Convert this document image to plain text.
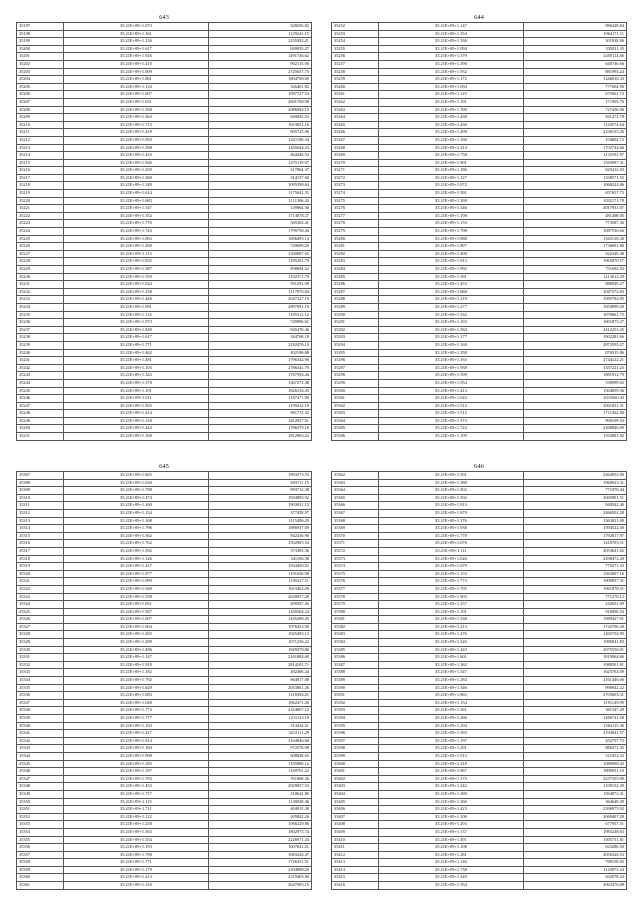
643
35197	35.21E+09+1.073	528256.82
35198	35.21E+09+1.361	1129241.15
35199	35.21E+09+1.136	2235392.21
35200	35.21E+09+1.617	849935.27
35201	35.21E+09+1.926	1491746.62
35202	35.21E+09+1.410	902135.90
35203	35.21E+09+1.009	2725637.75
35204	35.21E+09+1.861	1804768.60
35205	35.21E+09+1.124	326401.82
35206	35.21E+09+1.007	1097727.54
35207	35.21E+09+1.631	2601768.08
35208	35.21E+09+1.358	2086994.15
35209	35.21E+09+1.363	849845.53
35210	35.21E+09+1.713	1653051.16
35211	35.21E+09+1.418	805725.96
35212	35.21E+09+1.050	1421196.34
35213	35.21E+09+1.398	1455644.23
35214	35.21E+09+1.433	464448.54
35215	35.21E+09+1.926	1475119.07
35216	35.21E+09+1.259	317864.37
35217	35.21E+09+1.360	314157.60
35218	35.21E+09+1.349	1095398.64
35219	35.21E+09+1.614	1175041.55
35220	35.21E+09+1.683	1111306.43
35221	35.21E+09+1.547	149964.30
35222	35.21E+09+1.352	1714078.27
35223	35.21E+09+1.770	565363.41
35224	35.21E+09+1.743	1799758.44
35225	35.21E+09+1.063	1696495.14
35226	35.21E+09+1.290	749699.29
35227	35.21E+09+1.113	1350087.65
35228	35.21E+09+1.835	1185291.79
35229	35.21E+09+1.387	858694.22
35230	35.21E+09+1.559	1192371.79
35231	35.21E+09+1.024	591291.08
35232	35.21E+09+1.158	1117976.84
35233	35.21E+09+1.446	2047327.19
35234	35.21E+09+1.091	2897091.19
35235	35.21E+09+1.132	1185312.12
35236	35.21E+09+1.973	749096.61
35237	35.21E+09+1.849	945476.46
35238	35.21E+09+1.617	344768.18
35239	35.21E+09+1.771	2182476.10
35240	35.21E+09+1.462	492196.88
35241	35.21E+09+1.481	1796342.96
35242	35.21E+09+1.103	2786341.79
35243	35.21E+09+1.343	1767594.44
35244	35.21E+09+1.378	1367271.48
35245	35.21E+09+1.101	1826316.43
35246	35.21E+09+1.911	1187471.89
35247	35.21E+09+1.505	1199412.19
35248	35.21E+09+1.414	961772.32
35249	35.21E+09+1.318	1412927.51
35250	35.21E+09+1.443	1786379.18
35251	35.21E+09+1.168	1812963.22
644
35252	35.21E+09+1.147	986428.84
35253	35.21E+09+1.354	1964171.11
35254	35.21E+09+1.336	301838.86
35255	35.21E+09+1.094	335011.35
35256	35.21E+09+1.379	2450114.66
35257	35.21E+09+1.390	640746.66
35258	35.21E+09+1.932	881993.24
35259	35.21E+09+1.172	1246016.33
35260	35.21E+09+1.094	777604.96
35261	35.21E+09+1.125	675061.73
35262	35.21E+09+1.191	171903.76
35263	35.21E+09+1.769	727456.06
35264	35.21E+09+1.458	831472.78
35265	35.21E+09+1.456	1143574.64
35266	35.21E+09+1.498	2236135.26
35267	35.21E+09+1.160	104602.72
35268	35.21E+09+1.314	1702744.66
35269	35.21E+09+1.758	1133191.97
35270	35.21E+09+1.901	1543997.31
35271	35.21E+09+1.186	625412.03
35272	35.21E+09+1.127	1338571.55
35273	35.21E+09+1.072	1068224.86
35274	35.21E+09+1.391	657657.75
35275	35.21E+09+1.269	1032171.78
35276	35.21E+09+1.346	4017931.07
35277	35.21E+09+1.198	481408.05
35278	35.21E+09+1.153	773587.36
35279	35.21E+09+1.798	1087536.66
35280	35.21E+09+1.888	1545138.30
35281	35.21E+09+1.897	1736691.80
35282	35.21E+09+1.498	622349.48
35283	35.21E+09+1.913	1965870.57
35284	35.21E+09+1.992	751692.92
35285	35.21E+09+1.391	1213612.29
35286	35.21E+09+1.453	888849.27
35287	35.21E+09+1.668	1047572.83
35288	35.21E+09+1.219	1085784.95
35289	35.21E+09+1.277	1054999.20
35290	35.21E+09+1.332	1878661.75
35291	35.21E+09+1.163	1001875.27
35292	35.21E+09+1.584	2412253.25
35293	35.21E+09+1.177	1902281.66
35294	35.21E+09+1.169	2972595.27
35295	35.21E+09+1.358	876515.86
35296	35.21E+09+1.163	2744122.21
35297	35.21E+09+1.938	1357221.23
35298	35.21E+09+1.599	1881912.79
35299	35.21E+09+1.554	539999.65
35300	35.21E+09+1.413	1504859.36
35301	35.21E+09+1.022	1033560.43
35302	35.21E+09+1.512	2961831.31
35303	35.21E+09+1.512	1711362.80
35304	35.21E+09+1.373	990109.53
35305	35.21E+09+1.724	2268846.09
35306	35.21E+09+1.109	1554081.92
645
35307	35.21E+09+1.665	1893573.53
35308	35.21E+09+1.630	603711.15
35309	35.21E+09+1.798	893712.38
35310	35.21E+09+1.474	1934895.92
35311	35.21E+09+1.160	1903031.15
35312	35.21E+09+1.154	377458.97
35313	35.21E+09+1.168	1115496.29
35314	35.21E+09+1.796	1886937.09
35315	35.21E+09+1.362	942416.96
35316	35.21E+09+1.762	3502905.54
35317	35.21E+09+1.392	573383.36
35318	35.21E+09+1.126	341106.38
35319	35.21E+09+1.437	1934458.52
35320	35.21E+09+1.877	1191636.08
35321	35.21E+09+1.099	1105327.11
35322	35.21E+09+1.948	1653462.09
35323	35.21E+09+1.558	2639057.28
35324	35.21E+09+1.851	499587.45
35325	35.21E+09+1.567	1456564.24
35326	35.21E+09+1.007	1435498.45
35327	35.21E+09+1.904	1976452.90
35328	35.21E+09+1.265	1025493.13
35329	35.21E+09+1.299	1671236.22
35330	35.21E+09+1.496	1945079.80
35331	35.21E+09+1.147	2161884.60
35332	35.21E+09+1.910	2814101.71
35333	35.21E+09+1.182	492366.24
35334	35.21E+09+1.792	664917.08
35335	35.21E+09+1.629	2033861.26
35336	35.21E+09+1.083	1118394.21
35337	35.21E+09+1.048	1062471.20
35338	35.21E+09+1.773	2324067.12
35339	35.21E+09+1.777	1211123.19
35340	35.21E+09+1.103	314434.21
35341	35.21E+09+1.417	3212111.29
35342	35.21E+09+1.914	3164846.60
35343	35.21E+09+1.184	972576.98
35344	35.21E+09+1.908	608848.65
35345	35.21E+09+1.185	1185886.12
35346	35.21E+09+1.197	1169701.22
35347	35.21E+09+1.703	761868.26
35348	35.21E+09+1.453	2929837.53
35349	35.21E+09+1.717	318642.86
35350	35.21E+09+1.115	1139038.46
35351	35.21E+09+1.711	404915.38
35352	35.21E+09+1.122	205842.26
35353	35.21E+09+1.258	1066229.86
35354	35.21E+09+1.363	1802975.74
35355	35.21E+09+1.554	2226971.43
35356	35.21E+09+1.193	1607841.21
35357	35.21E+09+1.798	1683226.47
35358	35.21E+09+1.771	1726351.51
35359	35.21E+09+1.179	2294898.29
35360	35.21E+09+1.413	2319405.80
35361	35.21E+09+1.316	2647095.15
646
35362	35.21E+09+1.591	2264952.96
35363	35.21E+09+1.588	1960923.31
35364	35.21E+09+1.302	771070.44
35365	35.21E+09+1.502	2065901.51
35366	35.21E+09+1.913	949542.40
35367	35.21E+09+1.679	2466502.28
35368	35.21E+09+1.176	1363821.09
35369	35.21E+09+1.938	1594522.30
35370	35.21E+09+1.779	1792817.97
35371	35.21E+09+1.676	1410703.51
35372	35.21E+09+1.111	2053641.82
35373	35.21E+09+1.026	2298472.20
35374	35.21E+09+1.679	770271.33
35375	35.21E+09+1.153	1563007.16
35376	35.21E+09+1.773	1909837.31
35377	35.21E+09+1.705	1961078.51
35378	35.21E+09+1.903	771270.12
35379	35.21E+09+1.257	242651.09
35380	35.21E+09+1.101	910090.53
35381	35.21E+09+1.338	1989427.91
35382	35.21E+09+1.213	1743706.28
35383	35.21E+09+1.476	1265754.95
35384	35.21E+09+1.326	1986941.83
35385	35.21E+09+1.443	2975556.01
35386	35.21E+09+1.601	1819964.66
35387	35.21E+09+1.362	1980501.81
35388	35.21E+09+1.547	1625764.09
35389	35.21E+09+1.284	2161446.06
35390	35.21E+09+1.346	990942.22
35391	35.21E+09+1.863	2705603.31
35392	35.21E+09+1.154	1191149.99
35393	35.21E+09+1.561	381547.29
35394	35.21E+09+1.266	1286741.58
35395	35.21E+09+1.294	1564115.36
35396	35.21E+09+1.393	2194041.57
35397	35.21E+09+1.197	452757.75
35398	35.21E+09+1.291	886371.35
35399	35.21E+09+1.513	511052.33
35400	35.21E+09+1.318	1086998.43
35401	35.21E+09+1.967	1899931.10
35402	35.21E+09+1.175	2237355.09
35403	35.21E+09+1.342	1109132.29
35404	35.21E+09+1.369	1564872.31
35405	35.21E+09+1.366	364649.29
35406	35.21E+09+1.423	2396975.92
35407	35.21E+09+1.106	2069407.28
35408	35.21E+09+1.293	677957.51
35409	35.21E+09+1.137	1983248.63
35410	35.21E+09+1.491	1505751.81
35411	35.21E+09+1.108	623286.50
35412	35.21E+09+1.281	2056326.53
35413	35.21E+09+1.146	789158.02
35414	35.21E+09+1.738	1143973.24
35415	35.21E+09+1.349	632078.24
35416	35.21E+09+1.354	2063476.08
